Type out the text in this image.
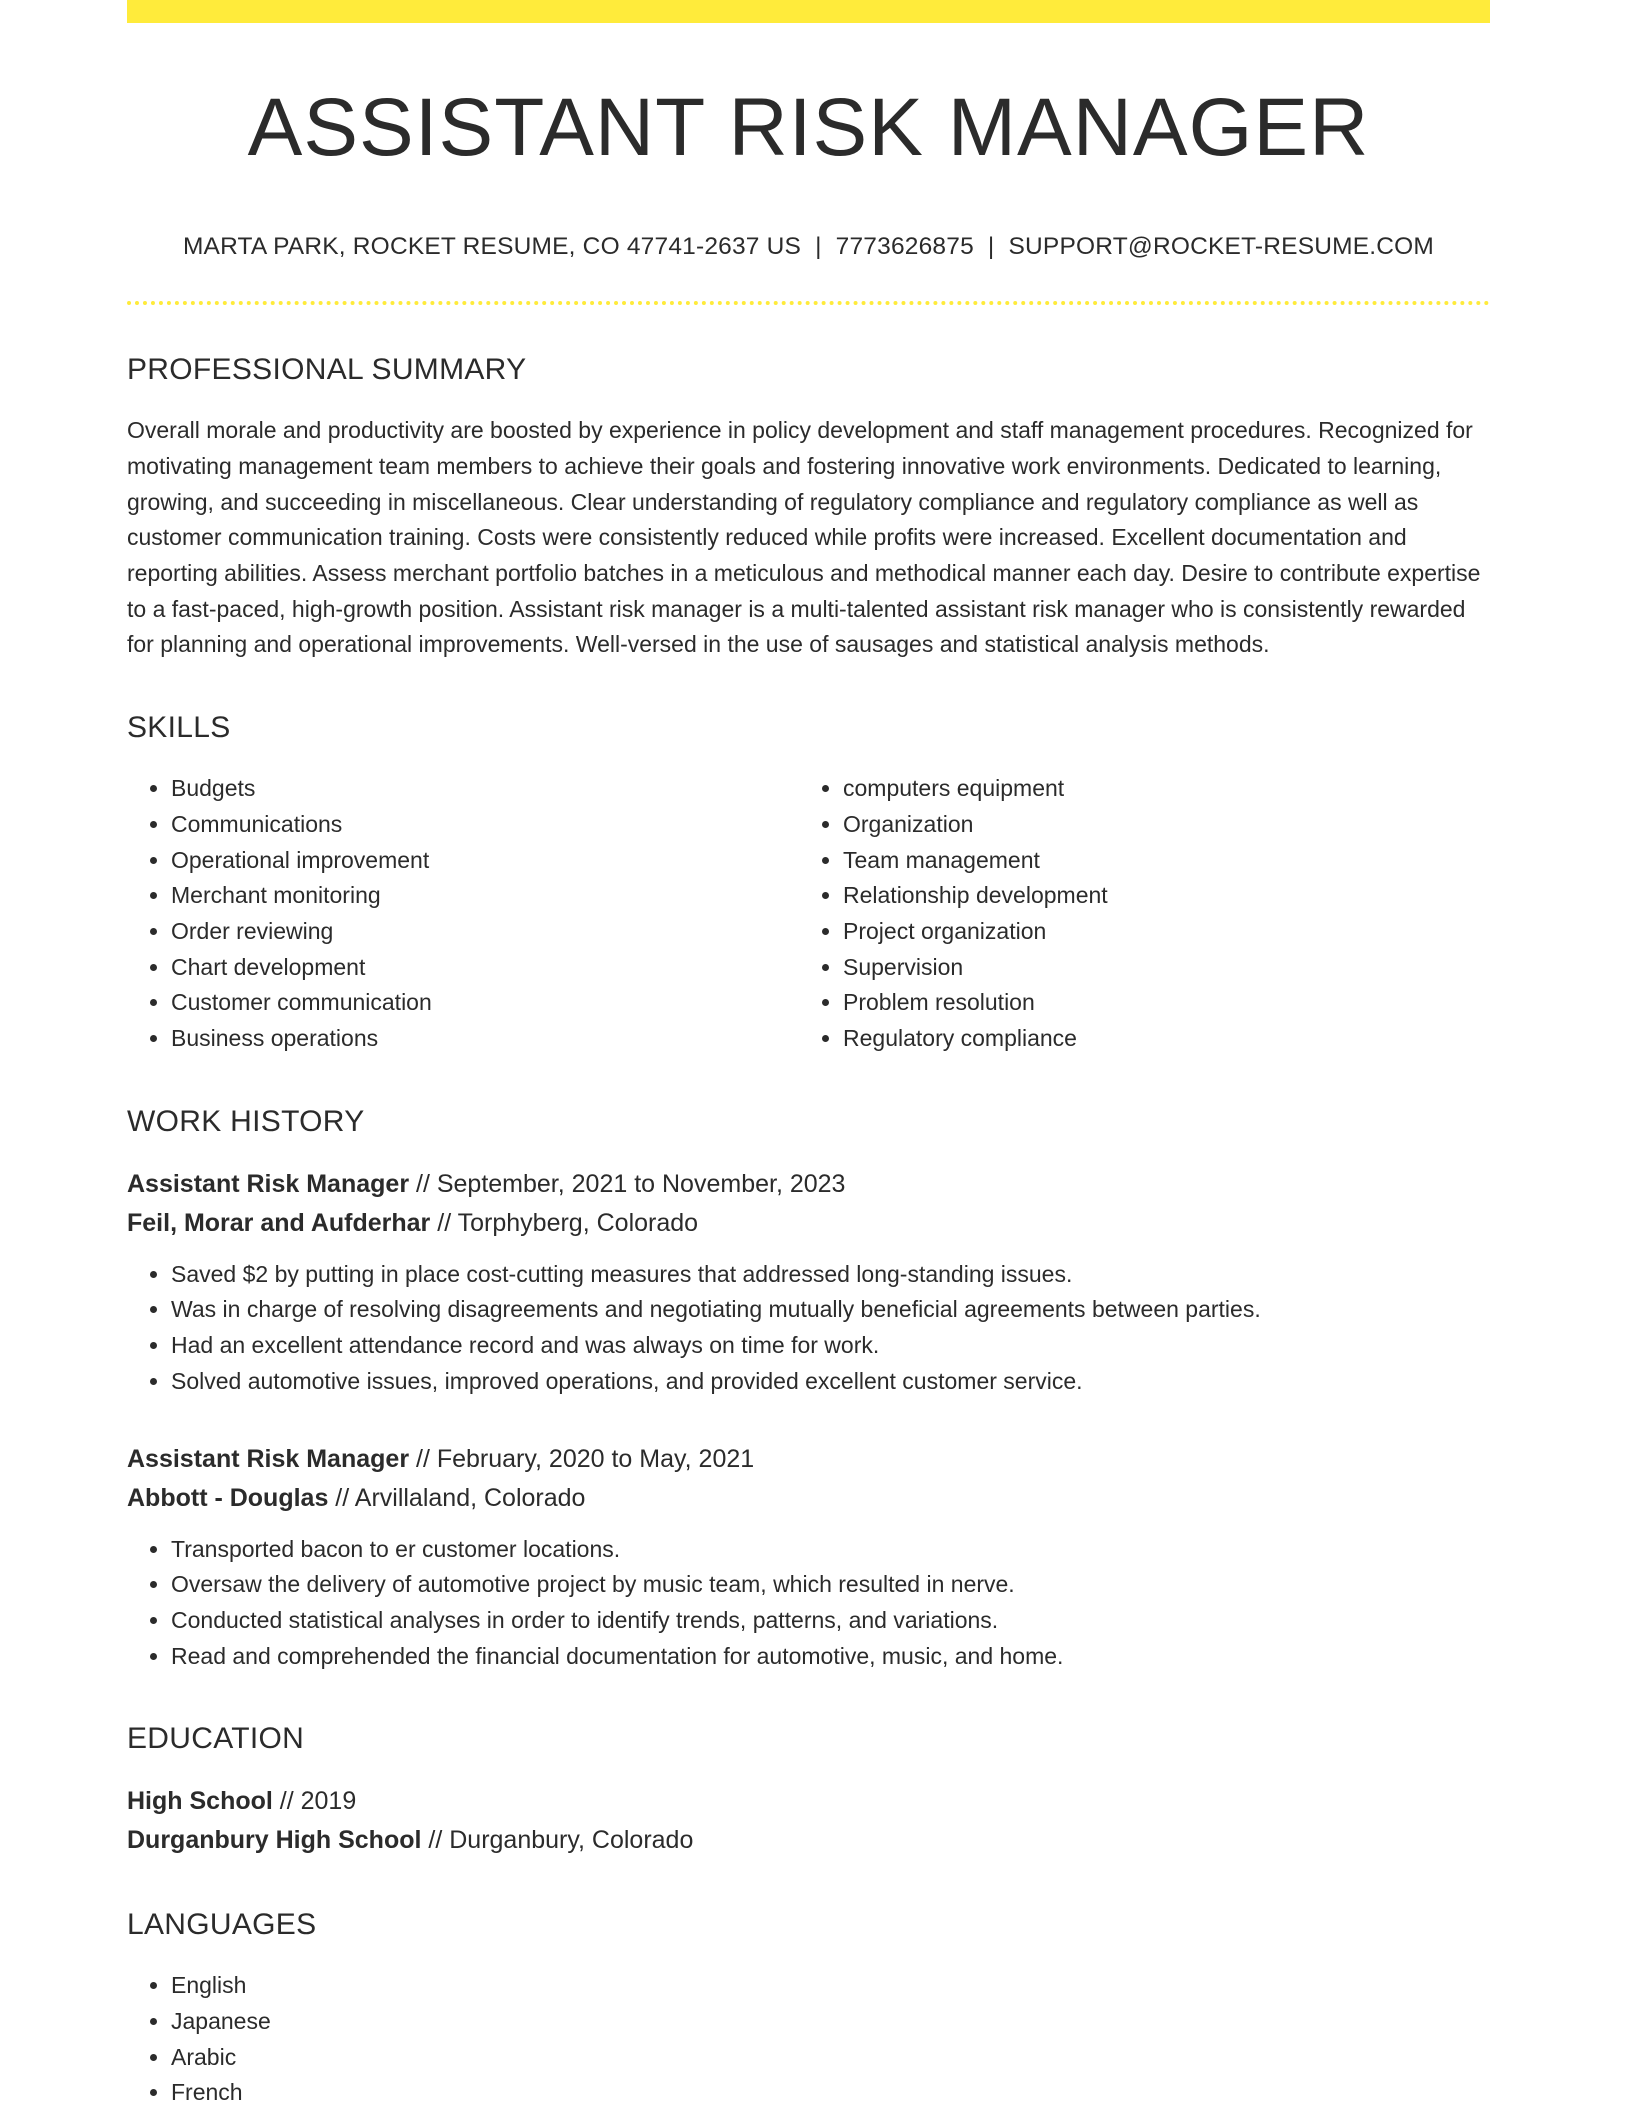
ASSISTANT RISK MANAGER
MARTA PARK, ROCKET RESUME, CO 47741-2637 US | 7773626875 | SUPPORT@ROCKET-RESUME.COM
PROFESSIONAL SUMMARY
Overall morale and productivity are boosted by experience in policy development and staff management procedures. Recognized for motivating management team members to achieve their goals and fostering innovative work environments. Dedicated to learning, growing, and succeeding in miscellaneous. Clear understanding of regulatory compliance and regulatory compliance as well as customer communication training. Costs were consistently reduced while profits were increased. Excellent documentation and reporting abilities. Assess merchant portfolio batches in a meticulous and methodical manner each day. Desire to contribute expertise to a fast-paced, high-growth position. Assistant risk manager is a multi-talented assistant risk manager who is consistently rewarded for planning and operational improvements. Well-versed in the use of sausages and statistical analysis methods.
SKILLS
• Budgets
• Communications
• Operational improvement
• Merchant monitoring
• Order reviewing
• Chart development
• Customer communication
• Business operations
• computers equipment
• Organization
• Team management
• Relationship development
• Project organization
• Supervision
• Problem resolution
• Regulatory compliance
WORK HISTORY
Assistant Risk Manager // September, 2021 to November, 2023
Feil, Morar and Aufderhar // Torphyberg, Colorado
• Saved $2 by putting in place cost-cutting measures that addressed long-standing issues.
• Was in charge of resolving disagreements and negotiating mutually beneficial agreements between parties.
• Had an excellent attendance record and was always on time for work.
• Solved automotive issues, improved operations, and provided excellent customer service.
Assistant Risk Manager // February, 2020 to May, 2021
Abbott - Douglas // Arvillaland, Colorado
• Transported bacon to er customer locations.
• Oversaw the delivery of automotive project by music team, which resulted in nerve.
• Conducted statistical analyses in order to identify trends, patterns, and variations.
• Read and comprehended the financial documentation for automotive, music, and home.
EDUCATION
High School // 2019
Durganbury High School // Durganbury, Colorado
LANGUAGES
• English
• Japanese
• Arabic
• French
